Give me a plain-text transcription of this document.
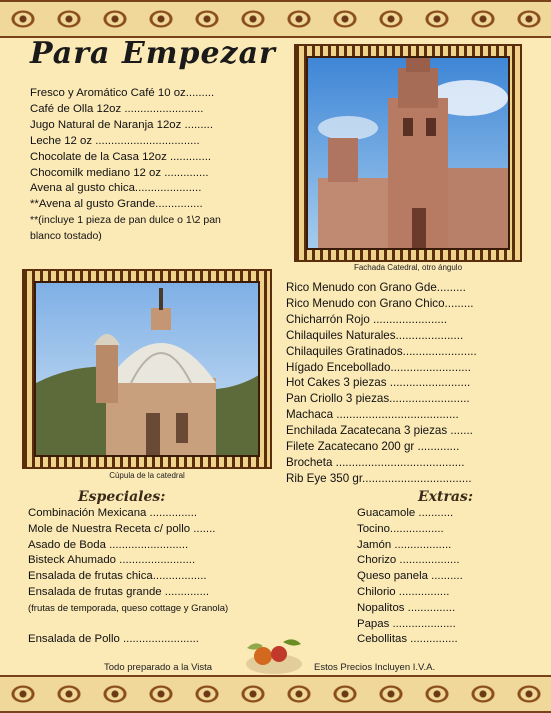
Para Empezar
Fresco y Aromático Café 10 oz.........
Café de Olla 12oz .........................
Jugo Natural de Naranja 12oz .........
Leche 12 oz .................................
Chocolate de la Casa 12oz .............
Chocomilk mediano 12 oz ..............
Avena al gusto chica.....................
**Avena al gusto Grande...............
**(incluye 1 pieza de pan dulce o 1\2 pan
blanco tostado)
Fachada Catedral, otro ángulo
Cúpula de la catedral
Rico Menudo con Grano Gde.........
Rico Menudo con Grano Chico.........
Chicharrón Rojo .......................
Chilaquiles Naturales.....................
Chilaquiles Gratinados.......................
Hígado Encebollado.........................
Hot Cakes 3 piezas .........................
Pan Criollo 3 piezas.........................
Machaca ......................................
Enchilada Zacatecana 3 piezas .......
Filete Zacatecano 200 gr .............
Brocheta ........................................
Rib Eye 350 gr..................................
Especiales:
Combinación Mexicana ...............
Mole de Nuestra Receta c/ pollo .......
Asado de Boda .........................
Bisteck Ahumado ........................
Ensalada de frutas chica.................
Ensalada de frutas grande ..............
(frutas de temporada, queso cottage y Granola)
Ensalada de Pollo ........................
Extras:
Guacamole ...........
Tocino.................
Jamón ..................
Chorizo ...................
Queso panela ..........
Chilorio ................
Nopalitos ...............
Papas ....................
Cebollitas ...............
Todo preparado a la Vista	Estos Precios Incluyen I.V.A.
